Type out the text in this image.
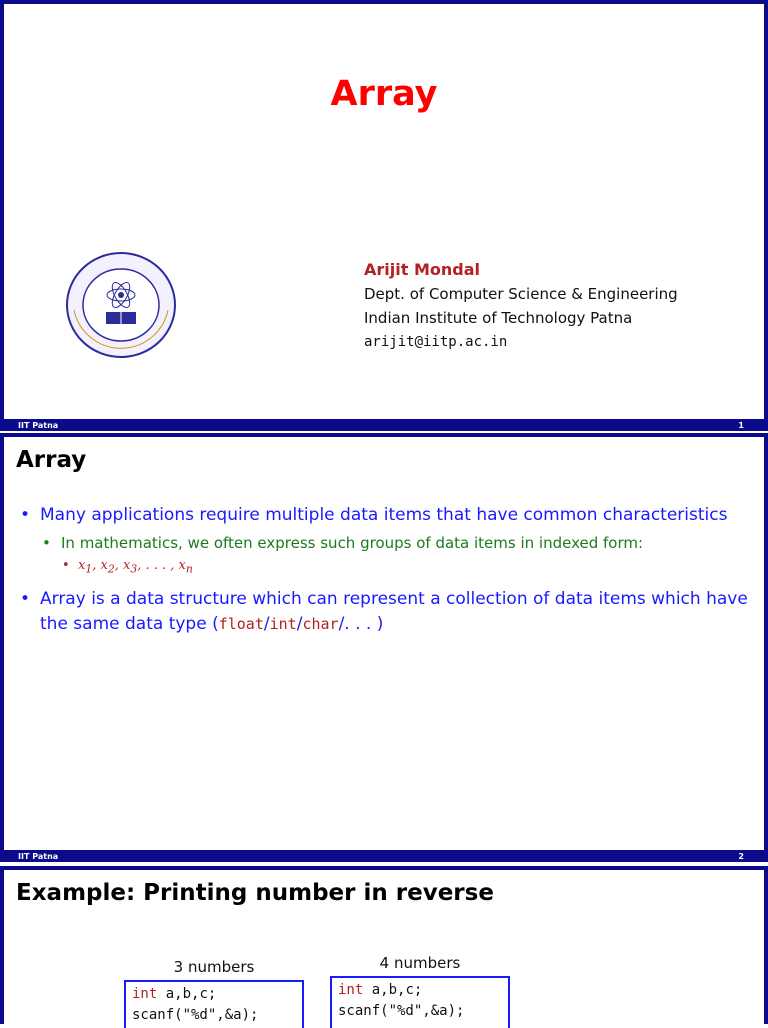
Array
Arijit Mondal
Dept. of Computer Science & Engineering
Indian Institute of Technology Patna
arijit@iitp.ac.in
IIT Patna	1
Array
• Many applications require multiple data items that have common characteristics
• In mathematics, we often express such groups of data items in indexed form:
• $x_1$, $x_2$, $x_3$, . . . , $x_n$
• Array is a data structure which can represent a collection of data items which have the same data type (float/int/char/. . . )
IIT Patna	2
Example: Printing number in reverse
3 numbers
int a,b,c;
scanf("%d",&a);
4 numbers
int a,b,c;
scanf("%d",&a);
